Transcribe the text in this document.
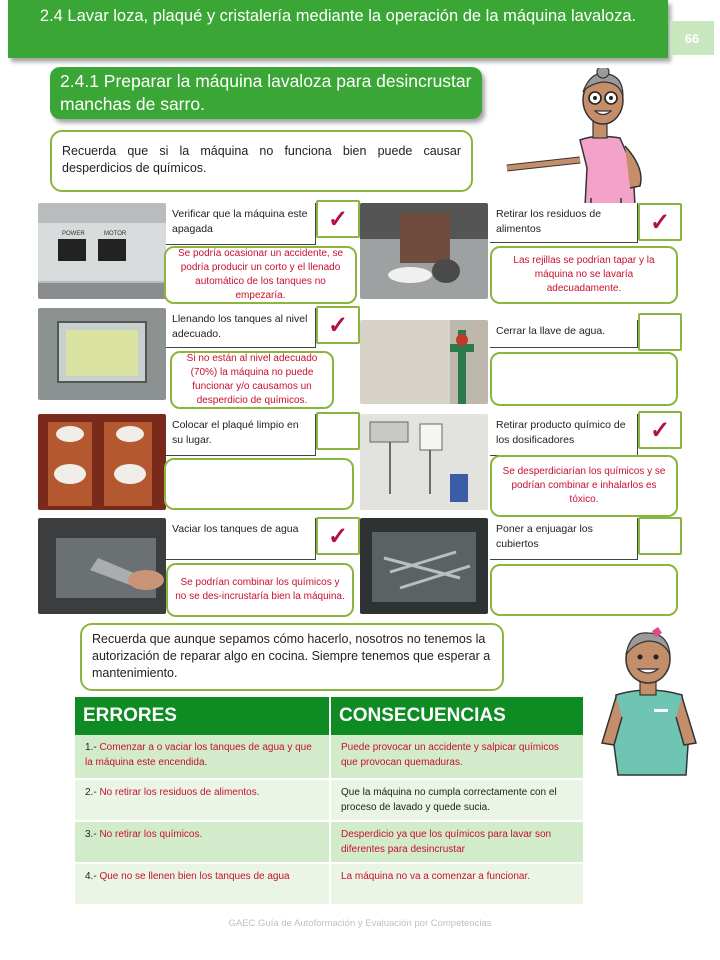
2.4 Lavar loza, plaqué y cristalería mediante la operación de la máquina lavaloza.
66
2.4.1 Preparar la máquina lavaloza para desincrustar manchas de sarro.
Recuerda que si la máquina no funciona bien puede causar desperdicios de químicos.
POWER	MOTOR
Verificar que la máquina este apagada	✓
Se podría ocasionar un accidente, se podría producir un corto y el llenado automático de los tanques no empezaría.
Llenando los tanques al nivel adecuado.	✓
Si no están al nivel adecuado (70%) la máquina no puede funcionar y/o causamos un desperdicio de químicos.
Colocar el plaqué limpio en su lugar.
Vaciar los tanques de agua	✓
Se podrían combinar los químicos y no se des-incrustaría bien la máquina.
Retirar los residuos de alimentos	✓
Las rejillas se podrían tapar y la máquina no se lavaría adecuadamente.
Cerrar la llave de agua.
Retirar producto químico de los dosificadores	✓
Se desperdiciarían los químicos y se podrían combinar e inhalarlos es tóxico.
Poner a enjuagar los cubiertos
Recuerda que aunque sepamos cómo hacerlo, nosotros no tenemos la autorización de reparar algo en cocina. Siempre tenemos que esperar a mantenimiento.
ERRORES	CONSECUENCIAS
1.- Comenzar a o vaciar los tanques de agua y que la máquina este encendida.	Puede provocar un accidente y salpicar químicos que provocan quemaduras.
2.- No retirar los residuos de alimentos.	Que la máquina no cumpla correctamente con el proceso de lavado y quede sucia.
3.- No retirar los químicos.	Desperdicio ya que los químicos para lavar son diferentes para desincrustar
4.- Que no se llenen bien los tanques de agua	La máquina no va a comenzar a funcionar.
GAEC Guía de Autoformación y Evaluación por Competencias
